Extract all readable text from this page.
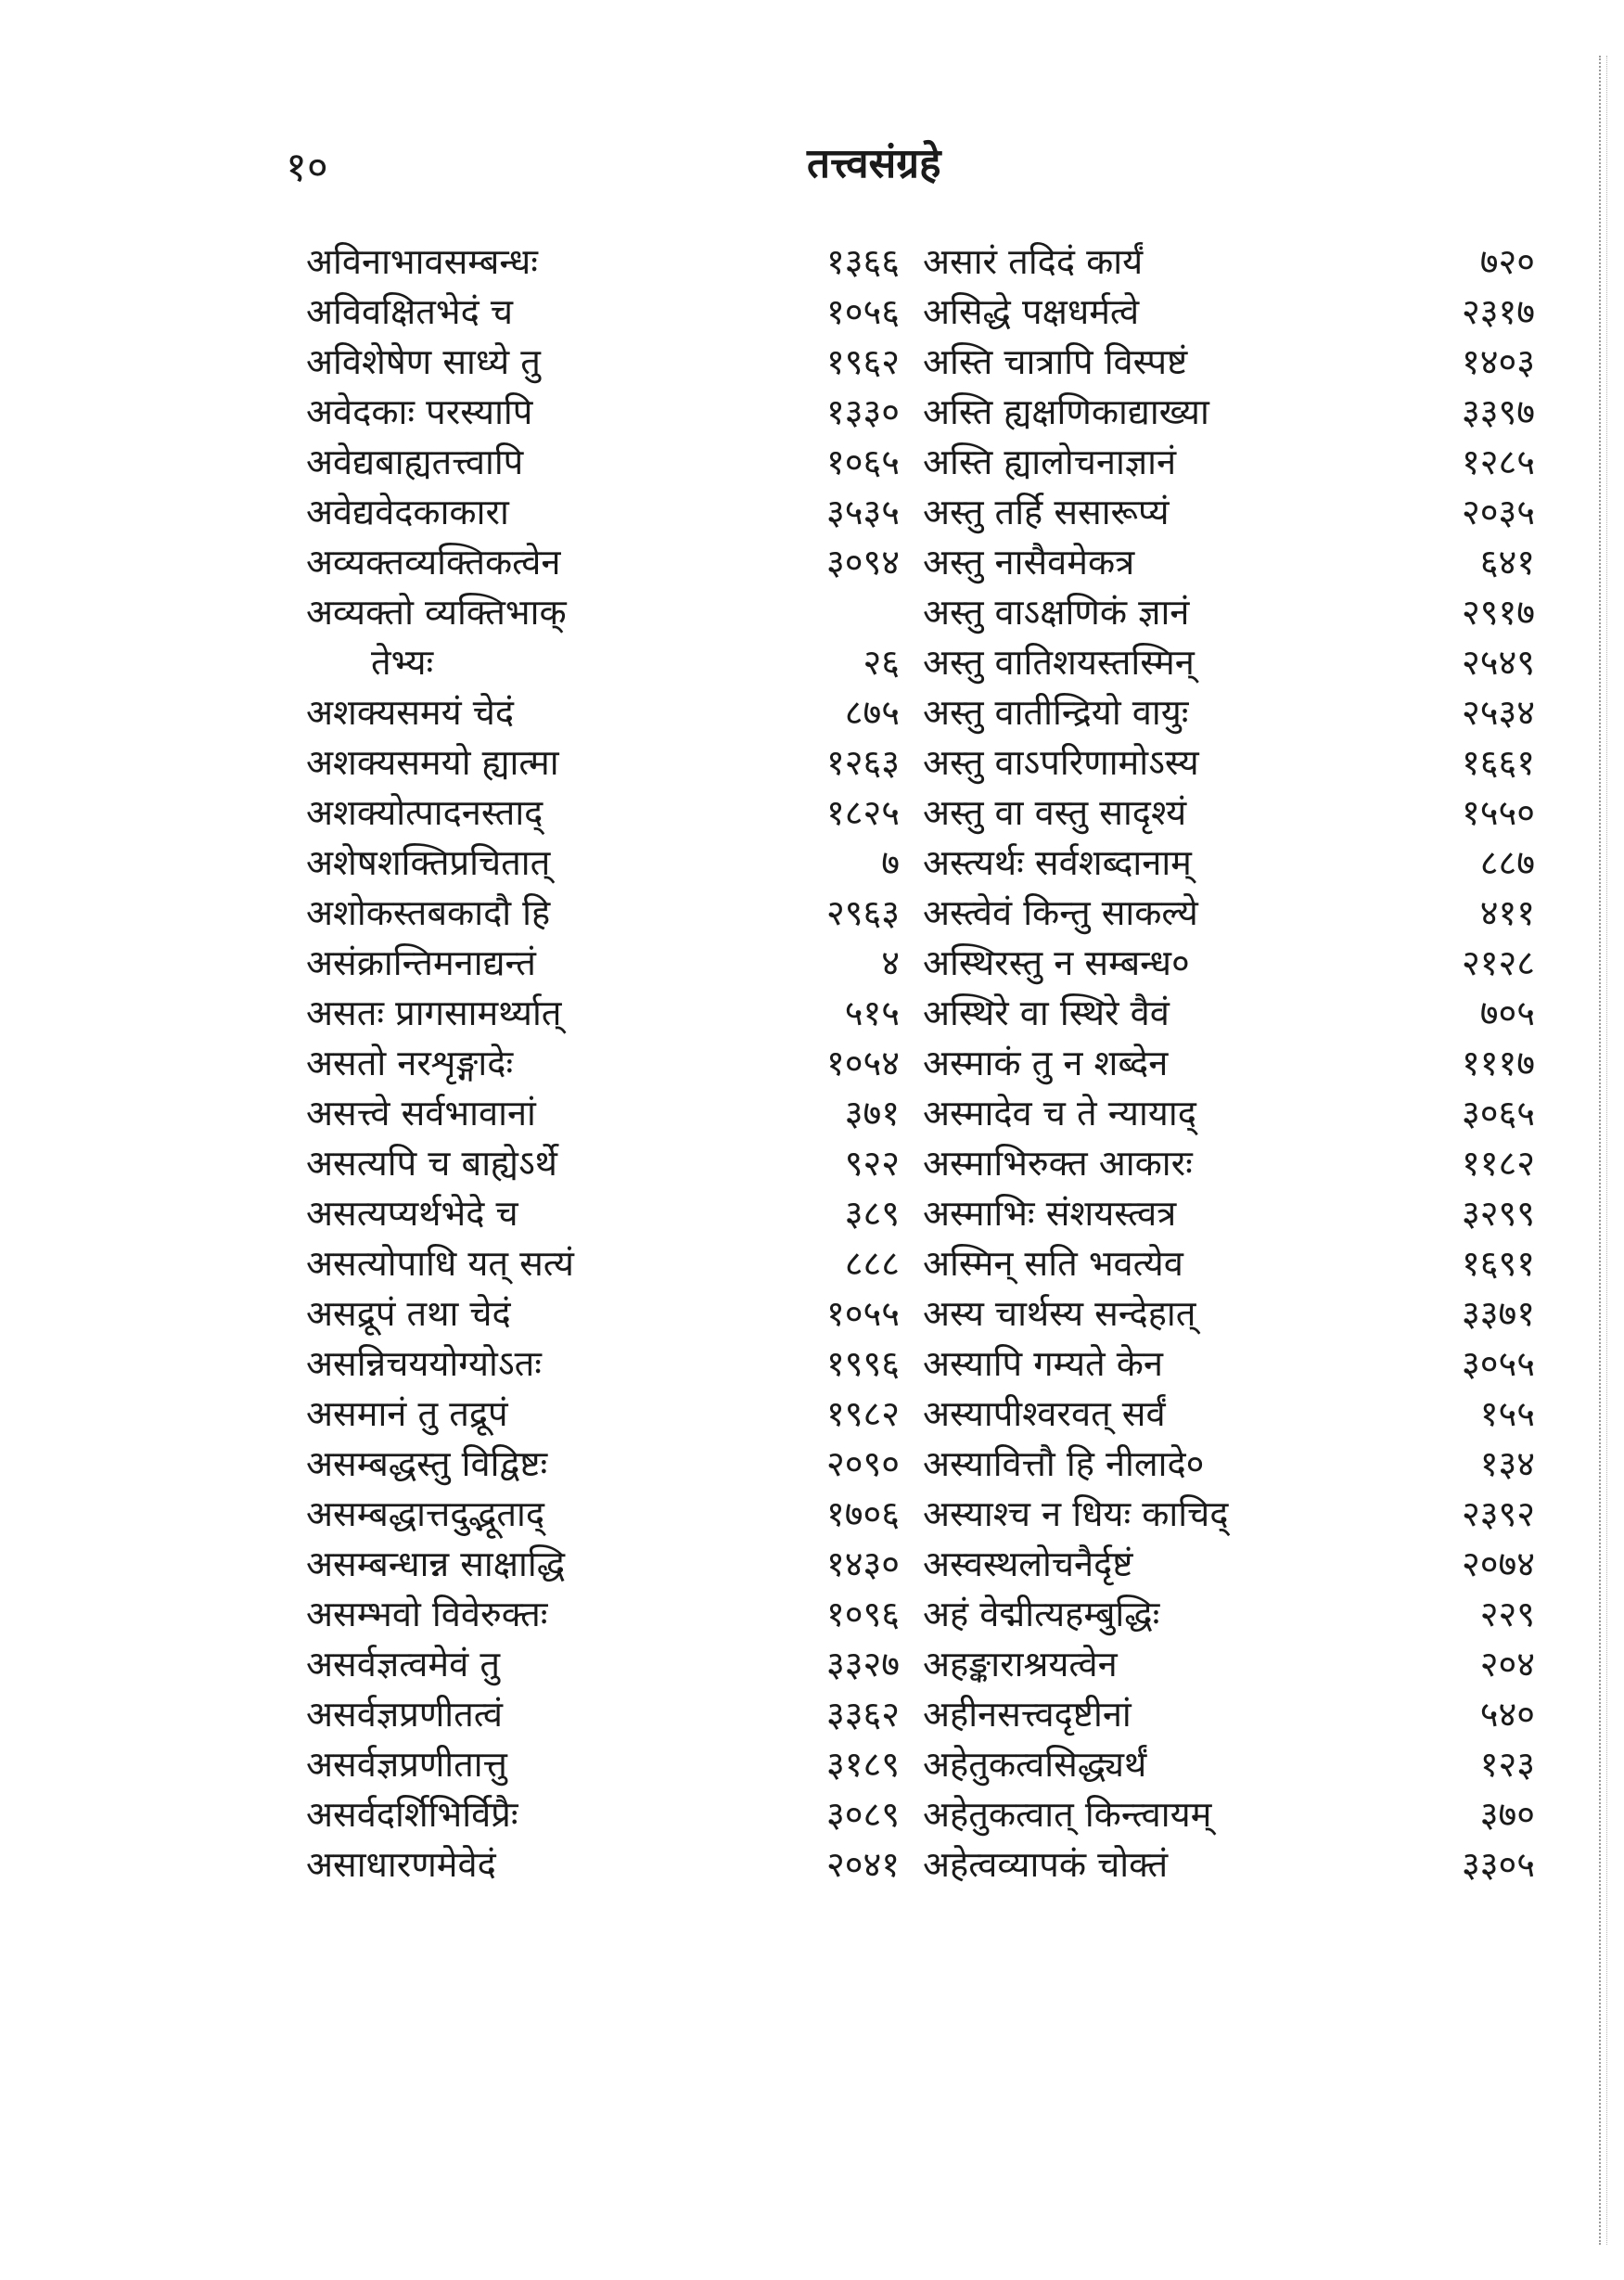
१०	तत्त्वसंग्रहे
अविनाभावसम्बन्धः	१३६६
अविवक्षितभेदं च	१०५६
अविशेषेण साध्ये तु	१९६२
अवेदकाः परस्यापि	१३३०
अवेद्यबाह्यतत्त्वापि	१०६५
अवेद्यवेदकाकारा	३५३५
अव्यक्तव्यक्तिकत्वेन	३०९४
अव्यक्तो व्यक्तिभाक्
तेभ्यः	२६
अशक्यसमयं चेदं	८७५
अशक्यसमयो ह्यात्मा	१२६३
अशक्योत्पादनस्ताद्	१८२५
अशेषशक्तिप्रचितात्	७
अशोकस्तबकादौ हि	२९६३
असंक्रान्तिमनाद्यन्तं	४
असतः प्रागसामर्थ्यात्	५१५
असतो नरशृङ्गादेः	१०५४
असत्त्वे सर्वभावानां	३७१
असत्यपि च बाह्येऽर्थे	९२२
असत्यप्यर्थभेदे च	३८९
असत्योपाधि यत् सत्यं	८८८
असद्रूपं तथा चेदं	१०५५
असन्निचययोग्योऽतः	१९९६
असमानं तु तद्रूपं	१९८२
असम्बद्धस्तु विद्विष्टः	२०९०
असम्बद्धात्तदुद्भूताद्	१७०६
असम्बन्धान्न साक्षाद्धि	१४३०
असम्भवो विवेरुक्तः	१०९६
असर्वज्ञत्वमेवं तु	३३२७
असर्वज्ञप्रणीतत्वं	३३६२
असर्वज्ञप्रणीतात्तु	३१८९
असर्वदर्शिभिर्विप्रैः	३०८९
असाधारणमेवेदं	२०४१
असारं तदिदं कार्यं	७२०
असिद्धे पक्षधर्मत्वे	२३१७
अस्ति चात्रापि विस्पष्टं	१४०३
अस्ति ह्यक्षणिकाद्याख्या	३३९७
अस्ति ह्यालोचनाज्ञानं	१२८५
अस्तु तर्हि ससारूप्यं	२०३५
अस्तु नासैवमेकत्र	६४१
अस्तु वाऽक्षणिकं ज्ञानं	२९१७
अस्तु वातिशयस्तस्मिन्	२५४९
अस्तु वातीन्द्रियो वायुः	२५३४
अस्तु वाऽपरिणामोऽस्य	१६६१
अस्तु वा वस्तु सादृश्यं	१५५०
अस्त्यर्थः सर्वशब्दानाम्	८८७
अस्त्वेवं किन्तु साकल्ये	४११
अस्थिरस्तु न सम्बन्ध०	२१२८
अस्थिरे वा स्थिरे वैवं	७०५
अस्माकं तु न शब्देन	१११७
अस्मादेव च ते न्यायाद्	३०६५
अस्माभिरुक्त आकारः	११८२
अस्माभिः संशयस्त्वत्र	३२९९
अस्मिन् सति भवत्येव	१६९१
अस्य चार्थस्य सन्देहात्	३३७१
अस्यापि गम्यते केन	३०५५
अस्यापीश्वरवत् सर्वं	१५५
अस्यावित्तौ हि नीलादे०	१३४
अस्याश्च न धियः काचिद्	२३९२
अस्वस्थलोचनैर्दृष्टं	२०७४
अहं वेद्मीत्यहम्बुद्धिः	२२९
अहङ्काराश्रयत्वेन	२०४
अहीनसत्त्वदृष्टीनां	५४०
अहेतुकत्वसिद्ध्यर्थं	१२३
अहेतुकत्वात् किन्त्वायम्	३७०
अहेत्वव्यापकं चोक्तं	३३०५
